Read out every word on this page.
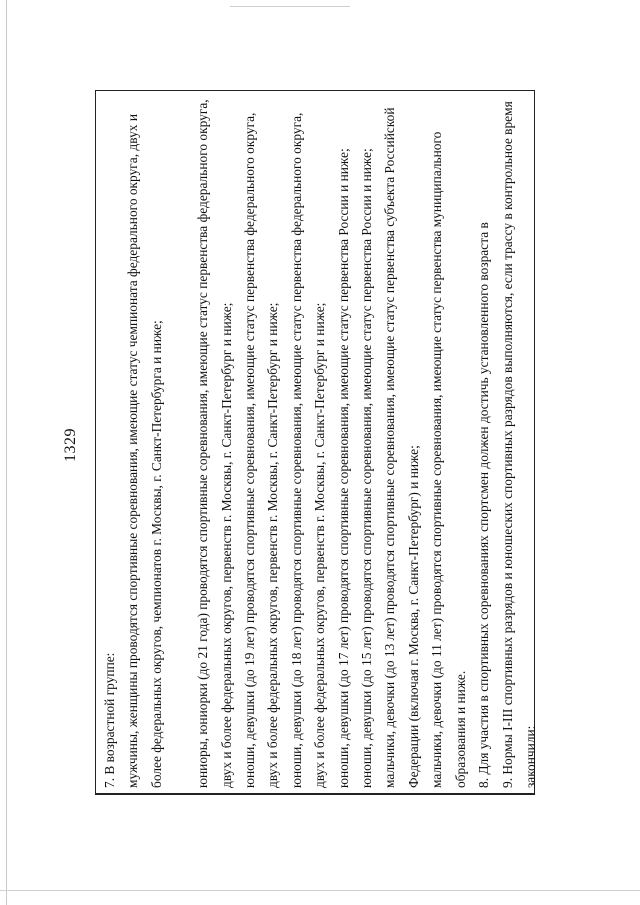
1329

7. В возрастной группе: мужчины, женщины проводятся спортивные соревнования, имеющие статус чемпионата федерального округа, двух и более федеральных округов, чемпионатов г. Москвы, г. Санкт-Петербурга и ниже;	юниоры, юниорки (до 21 года) проводятся спортивные соревнования, имеющие статус первенства федерального округа, двух и более федеральных округов, первенств г. Москвы, г. Санкт-Петербург и ниже; юноши, девушки (до 19 лет) проводятся спортивные соревнования, имеющие статус первенства федерального округа, двух и более федеральных округов, первенств г. Москвы, г. Санкт-Петербург и ниже; юноши, девушки (до 18 лет) проводятся спортивные соревнования, имеющие статус первенства федерального округа, двух и более федеральных округов, первенств г. Москвы, г. Санкт-Петербург и ниже; юноши, девушки (до 17 лет) проводятся спортивные соревнования, имеющие статус первенства России и ниже; юноши, девушки (до 15 лет) проводятся спортивные соревнования, имеющие статус первенства России и ниже; мальчики, девочки (до 13 лет) проводятся спортивные соревнования, имеющие статус первенства субъекта Российской Федерации (включая г. Москва, г. Санкт-Петербург) и ниже; мальчики, девочки (до 11 лет) проводятся спортивные соревнования, имеющие статус первенства муниципального образования и ниже. 8. Для участия в спортивных соревнованиях спортсмен должен достичь установленного возраста в 9. Нормы I-III спортивных разрядов и юношеских спортивных разрядов выполняются, если трассу в контрольное время закончили:
